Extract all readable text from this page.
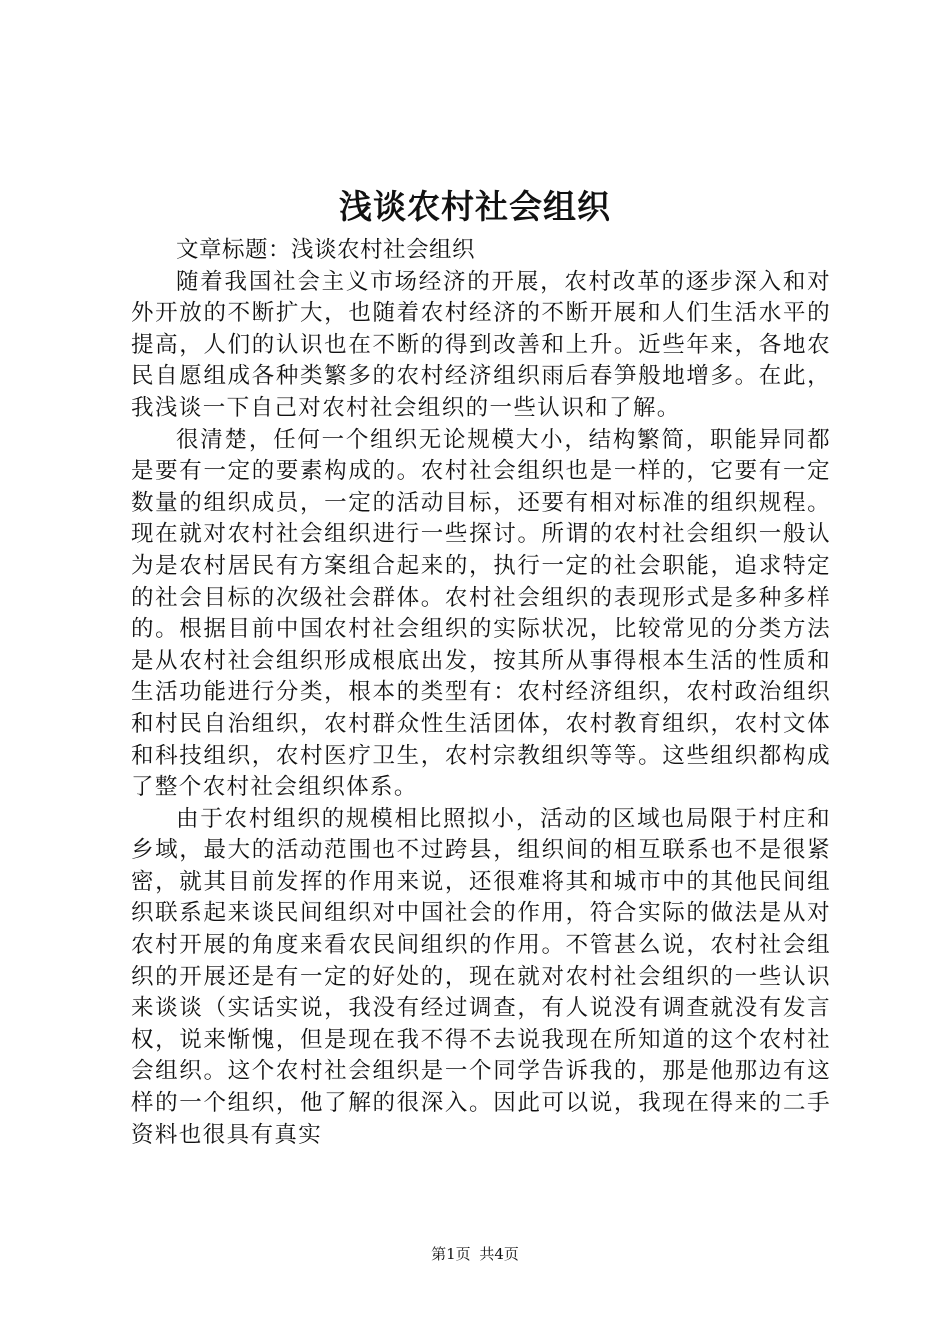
浅谈农村社会组织

文章标题：浅谈农村社会组织

随着我国社会主义市场经济的开展，农村改革的逐步深入和对外开放的不断扩大，也随着农村经济的不断开展和人们生活水平的提高，人们的认识也在不断的得到改善和上升。近些年来，各地农民自愿组成各种类繁多的农村经济组织雨后春笋般地增多。在此，我浅谈一下自己对农村社会组织的一些认识和了解。

很清楚，任何一个组织无论规模大小，结构繁简，职能异同都是要有一定的要素构成的。农村社会组织也是一样的，它要有一定数量的组织成员，一定的活动目标，还要有相对标准的组织规程。现在就对农村社会组织进行一些探讨。所谓的农村社会组织一般认为是农村居民有方案组合起来的，执行一定的社会职能，追求特定的社会目标的次级社会群体。农村社会组织的表现形式是多种多样的。根据目前中国农村社会组织的实际状况，比较常见的分类方法是从农村社会组织形成根底出发，按其所从事得根本生活的性质和生活功能进行分类，根本的类型有：农村经济组织，农村政治组织和村民自治组织，农村群众性生活团体，农村教育组织，农村文体和科技组织，农村医疗卫生，农村宗教组织等等。这些组织都构成了整个农村社会组织体系。

由于农村组织的规模相比照拟小，活动的区域也局限于村庄和乡域，最大的活动范围也不过跨县，组织间的相互联系也不是很紧密，就其目前发挥的作用来说，还很难将其和城市中的其他民间组织联系起来谈民间组织对中国社会的作用，符合实际的做法是从对农村开展的角度来看农民间组织的作用。不管甚么说，农村社会组织的开展还是有一定的好处的，现在就对农村社会组织的一些认识来谈谈（实话实说，我没有经过调查，有人说没有调查就没有发言权，说来惭愧，但是现在我不得不去说我现在所知道的这个农村社会组织。这个农村社会组织是一个同学告诉我的，那是他那边有这样的一个组织，他了解的很深入。因此可以说，我现在得来的二手资料也很具有真实

第1页 共4页
